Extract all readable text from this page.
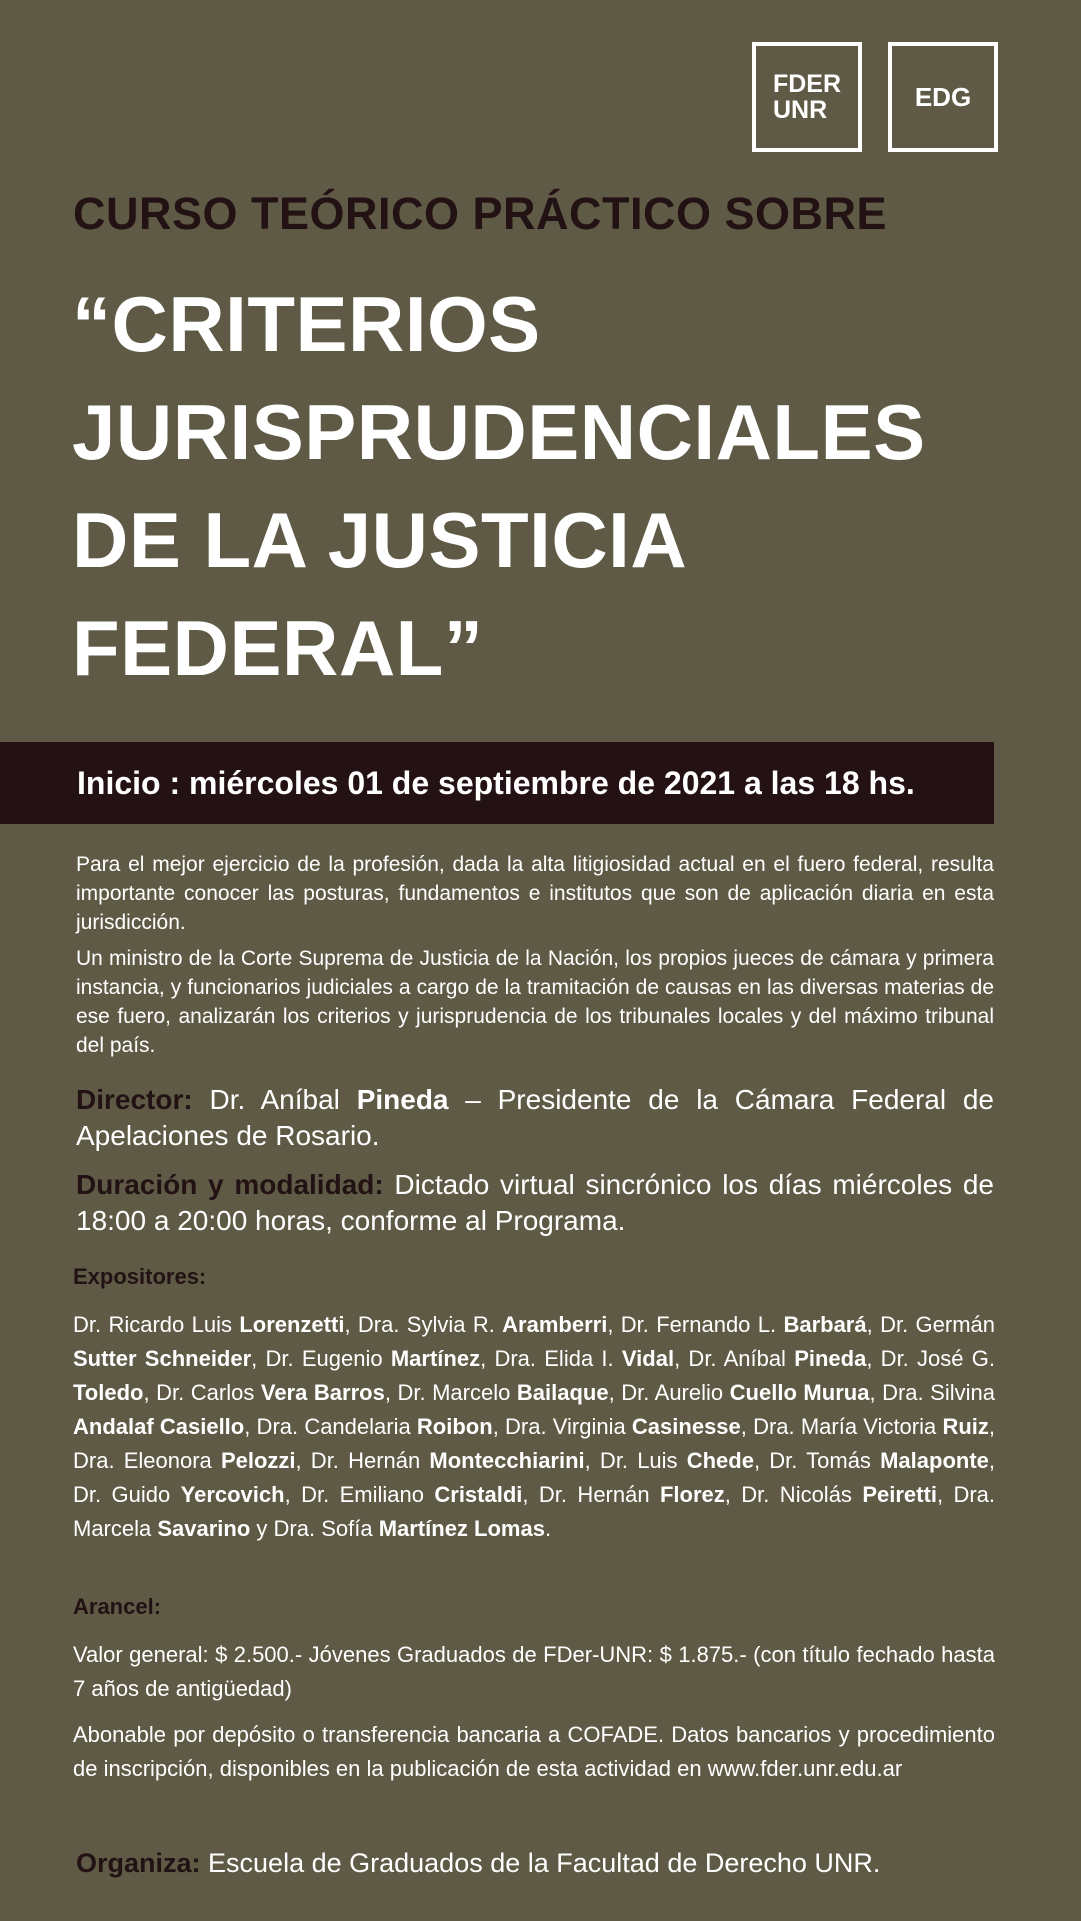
FDER
UNR	EDG
CURSO TEÓRICO PRÁCTICO SOBRE
“CRITERIOS
JURISPRUDENCIALES
DE LA JUSTICIA
FEDERAL”
Inicio : miércoles 01 de septiembre de 2021 a las 18 hs.
Para el mejor ejercicio de la profesión, dada la alta litigiosidad actual en el fuero federal, resulta importante conocer las posturas, fundamentos e institutos que son de aplicación diaria en esta jurisdicción.
Un ministro de la Corte Suprema de Justicia de la Nación, los propios jueces de cámara y primera instancia, y funcionarios judiciales a cargo de la tramitación de causas en las diversas materias de ese fuero, analizarán los criterios y jurisprudencia de los tribunales locales y del máximo tribunal del país.
Director: Dr. Aníbal Pineda – Presidente de la Cámara Federal de Apelaciones de Rosario.
Duración y modalidad: Dictado virtual sincrónico los días miércoles de 18:00 a 20:00 horas, conforme al Programa.
Expositores:
Dr. Ricardo Luis Lorenzetti, Dra. Sylvia R. Aramberri, Dr. Fernando L. Barbará, Dr. Germán Sutter Schneider, Dr. Eugenio Martínez, Dra. Elida I. Vidal, Dr. Aníbal Pineda, Dr. José G. Toledo, Dr. Carlos Vera Barros, Dr. Marcelo Bailaque, Dr. Aurelio Cuello Murua, Dra. Silvina Andalaf Casiello, Dra. Candelaria Roibon, Dra. Virginia Casinesse, Dra. María Victoria Ruiz, Dra. Eleonora Pelozzi, Dr. Hernán Montecchiarini, Dr. Luis Chede, Dr. Tomás Malaponte, Dr. Guido Yercovich, Dr. Emiliano Cristaldi, Dr. Hernán Florez, Dr. Nicolás Peiretti, Dra. Marcela Savarino y Dra. Sofía Martínez Lomas.
Arancel:
Valor general: $ 2.500.- Jóvenes Graduados de FDer-UNR: $ 1.875.- (con título fechado hasta 7 años de antigüedad)
Abonable por depósito o transferencia bancaria a COFADE. Datos bancarios y procedimiento de inscripción, disponibles en la publicación de esta actividad en www.fder.unr.edu.ar
Organiza: Escuela de Graduados de la Facultad de Derecho UNR.
